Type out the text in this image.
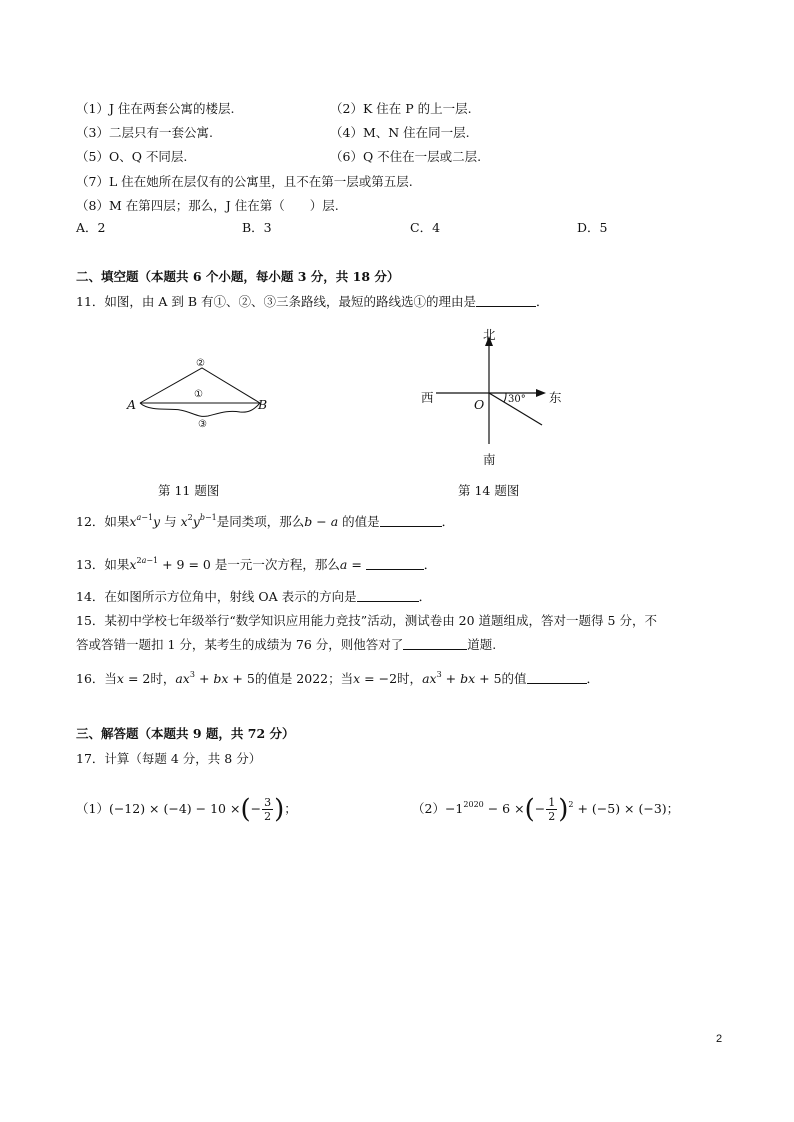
（1）J 住在两套公寓的楼层.	（2）K 住在 P 的上一层.
（3）二层只有一套公寓.	（4）M、N 住在同一层.
（5）O、Q 不同层.	（6）Q 不住在一层或二层.
（7）L 住在她所在层仅有的公寓里，且不在第一层或第五层.
（8）M 在第四层；那么，J 住在第（　　）层.
A．2	B．3	C．4	D．5
二、填空题（本题共 6 个小题，每小题 3 分，共 18 分）
11．如图，由 A 到 B 有①、②、③三条路线，最短的路线选①的理由是	．
A	B
②
①
③
第 11 题图
北
西	东
O 30°
南
第 14 题图
12．如果$x^{a-1}y$ 与 $x^2y^{b-1}$是同类项，那么b − a 的值是	．
13．如果$x^{2a-1} + 9 = 0$ 是一元一次方程，那么a =	．
14．在如图所示方位角中，射线 OA 表示的方向是	．
15．某初中学校七年级举行“数学知识应用能力竞技”活动，测试卷由 20 道题组成，答对一题得 5 分，不
答或答错一题扣 1 分，某考生的成绩为 76 分，则他答对了	道题.
16．当x = 2时，$ax^3$ + bx + 5的值是 2022；当x = −2时，$ax^3$ + bx + 5的值	．
三、解答题（本题共 9 题，共 72 分）
17．计算（每题 4 分，共 8 分）
（1）(−12) × (−4) − 10 ×(− $\frac{3}{2}$ )；	$(2)-1^{2020} - 6$ ×(− $\frac{1}{2} )^2 + (-5) \times (-3)$；
2
